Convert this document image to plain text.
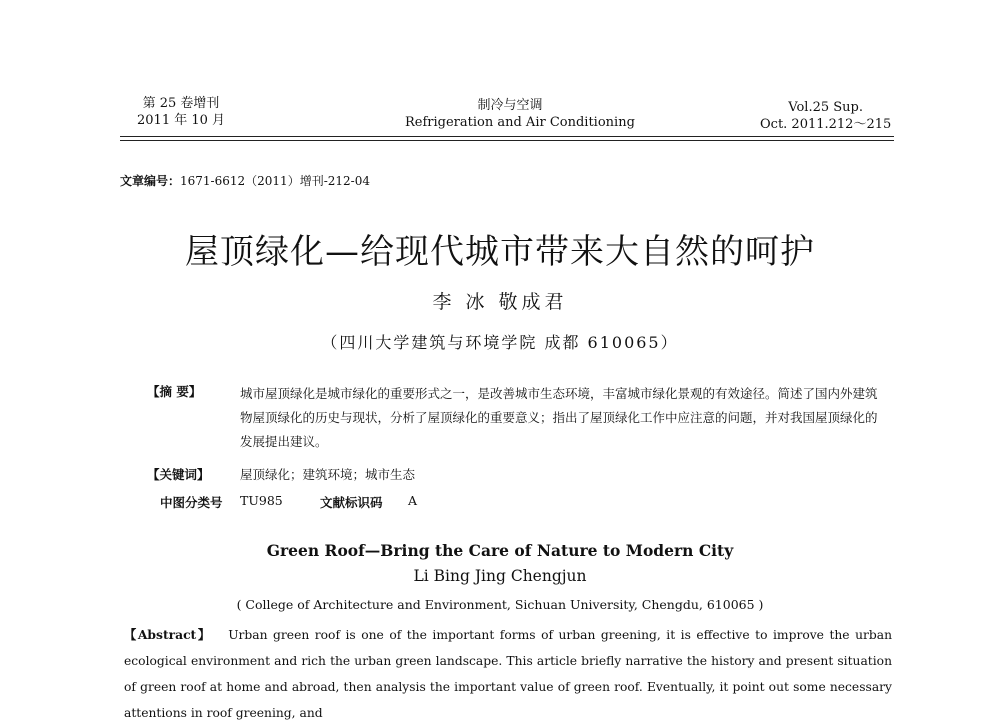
第 25 卷增刊
2011 年 10 月
制冷与空调
Refrigeration and Air Conditioning
Vol.25 Sup.
Oct. 2011.212～215
文章编号：1671-6612（2011）增刊-212-04
屋顶绿化—给现代城市带来大自然的呵护
李 冰 敬成君
（四川大学建筑与环境学院 成都 610065）
【摘 要】	城市屋顶绿化是城市绿化的重要形式之一，是改善城市生态环境，丰富城市绿化景观的有效途径。简述了国内外建筑物屋顶绿化的历史与现状，分析了屋顶绿化的重要意义；指出了屋顶绿化工作中应注意的问题，并对我国屋顶绿化的发展提出建议。
【关键词】 屋顶绿化；建筑环境；城市生态
中图分类号 TU985	文献标识码 A
Green Roof—Bring the Care of Nature to Modern City
Li Bing Jing Chengjun
( College of Architecture and Environment, Sichuan University, Chengdu, 610065 )
【Abstract】 Urban green roof is one of the important forms of urban greening, it is effective to improve the urban ecological environment and rich the urban green landscape. This article briefly narrative the history and present situation of green roof at home and abroad, then analysis the important value of green roof. Eventually, it point out some necessary attentions in roof greening, and
